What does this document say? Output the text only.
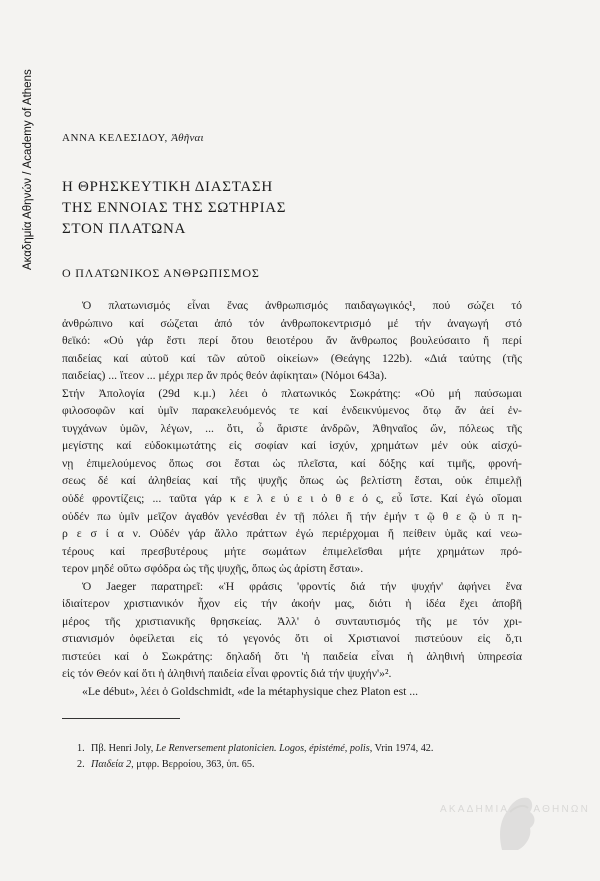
Ακαδημία Αθηνών / Academy of Athens	ΑΝΝΑ ΚΕΛΕΣΙΔΟΥ, Ἀθῆναι
Η ΘΡΗΣΚΕΥΤΙΚΗ ΔΙΑΣΤΑΣΗ
ΤΗΣ ΕΝΝΟΙΑΣ ΤΗΣ ΣΩΤΗΡΙΑΣ
ΣΤΟΝ ΠΛΑΤΩΝΑ
Ο ΠΛΑΤΩΝΙΚΟΣ ΑΝΘΡΩΠΙΣΜΟΣ
Ὁ πλατωνισμός εἶναι ἕνας ἀνθρωπισμός παιδαγωγικός¹, πού σώζει τό
ἀνθρώπινο καί σώζεται ἀπό τόν ἀνθρωποκεντρισμό μέ τήν ἀναγωγή στό
θεϊκό: «Οὐ γάρ ἔστι περί ὅτου θειοτέρου ἄν ἄνθρωπος βουλεύσαιτο ἤ περί
παιδείας καί αὑτοῦ καί τῶν αὑτοῦ οἰκείων» (Θεάγης 122b). «Διά ταύτης (τῆς
παιδείας) ... ἴτεον ... μέχρι περ ἄν πρός θεόν ἀφίκηται» (Νόμοι 643a).
Στήν Ἀπολογία (29d κ.μ.) λέει ὁ πλατωνικός Σωκράτης: «Οὐ μή παύσωμαι
φιλοσοφῶν καί ὑμῖν παρακελευόμενός τε καί ἐνδεικνύμενος ὅτῳ ἄν ἀεί ἐν-
τυγχάνων ὑμῶν, λέγων, ... ὅτι, ὦ ἄριστε ἀνδρῶν, Ἀθηναῖος ὤν, πόλεως τῆς
μεγίστης καί εὐδοκιμωτάτης εἰς σοφίαν καί ἰσχύν, χρημάτων μέν οὐκ αἰσχύ-
νῃ ἐπιμελούμενος ὅπως σοι ἔσται ὡς πλεῖστα, καί δόξης καί τιμῆς, φρονή-
σεως δέ καί ἀληθείας καί τῆς ψυχῆς ὅπως ὡς βελτίστη ἔσται, οὐκ ἐπιμελῇ
οὐδέ φροντίζεις; ... ταῦτα γάρ κ ε λ ε ύ ε ι ὁ θ ε ό ς, εὖ ἴστε. Καί ἐγώ οἴομαι
οὐδέν πω ὑμῖν μεῖζον ἀγαθόν γενέσθαι ἐν τῇ πόλει ἤ τήν ἐμήν τ ῷ θ ε ῷ ὑ π η-
ρ ε σ ί α ν. Οὐδέν γάρ ἄλλο πράττων ἐγώ περιέρχομαι ἤ πείθειν ὑμᾶς καί νεω-
τέρους καί πρεσβυτέρους μήτε σωμάτων ἐπιμελεῖσθαι μήτε χρημάτων πρό-
τερον μηδέ οὕτω σφόδρα ὡς τῆς ψυχῆς, ὅπως ὡς ἀρίστη ἔσται».
Ὁ Jaeger παρατηρεῖ: «Ἡ φράσις 'φροντίς διά τήν ψυχήν' ἀφήνει ἕνα
ἰδιαίτερον χριστιανικόν ἦχον εἰς τήν ἀκοήν μας, διότι ἡ ἰδέα ἔχει ἀποβῆ
μέρος τῆς χριστιανικῆς θρησκείας. Ἀλλ' ὁ συνταυτισμός τῆς με τόν χρι-
στιανισμόν ὀφείλεται εἰς τό γεγονός ὅτι οἱ Χριστιανοί πιστεύουν εἰς ὅ,τι
πιστεύει καί ὁ Σωκράτης: δηλαδή ὅτι 'ἡ παιδεία εἶναι ἡ ἀληθινή ὑπηρεσία
εἰς τόν Θεόν καί ὅτι ἡ ἀληθινή παιδεία εἶναι φροντίς διά τήν ψυχήν'»².
«Le début», λέει ὁ Goldschmidt, «de la métaphysique chez Platon est ...
1. Πβ. Henri Joly, Le Renversement platonicien. Logos, épistémé, polis, Vrin 1974, 42.
2. Παιδεία 2, μτφρ. Βερροίου, 363, ὑπ. 65.
ΑΚΑΔΗΜΙΑ ΑΘΗΝΩΝ
